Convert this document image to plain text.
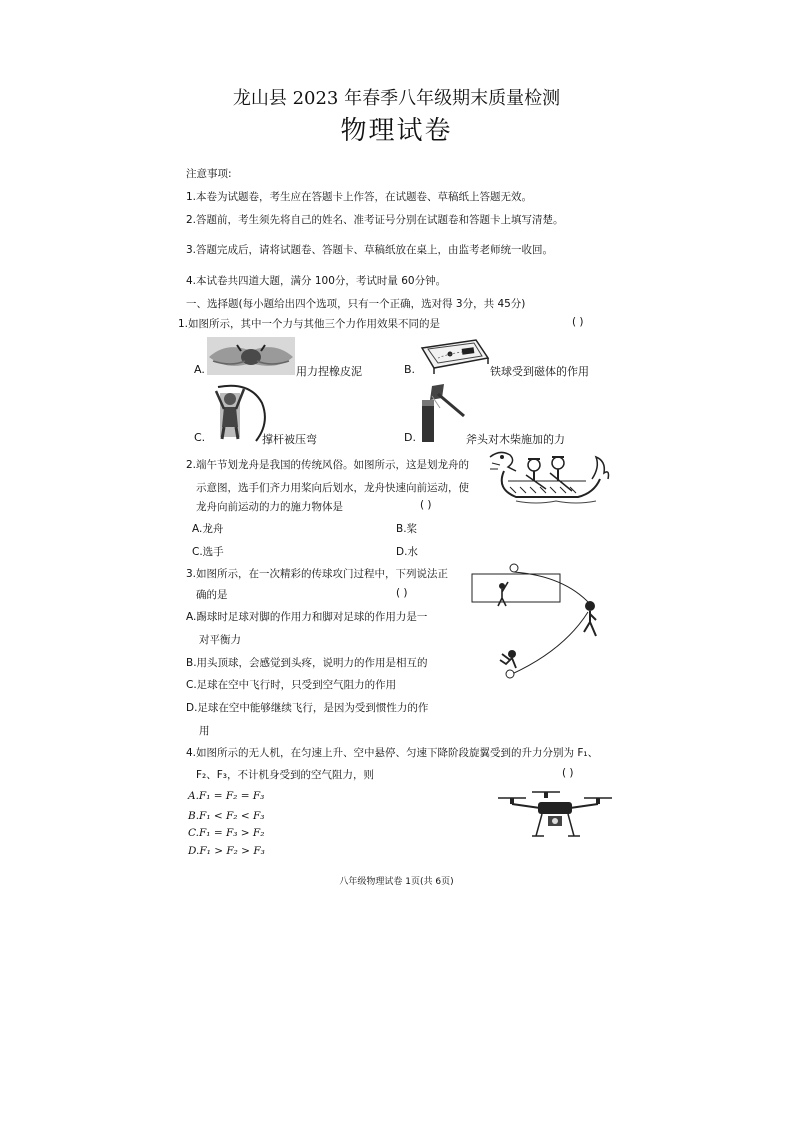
龙山县 2023 年春季八年级期末质量检测
物理试卷
注意事项:
1.本卷为试题卷，考生应在答题卡上作答，在试题卷、草稿纸上答题无效。
2.答题前，考生须先将自己的姓名、准考证号分别在试题卷和答题卡上填写清楚。
3.答题完成后，请将试题卷、答题卡、草稿纸放在桌上，由监考老师统一收回。
4.本试卷共四道大题，满分 100分，考试时量 60分钟。
一、选择题(每小题给出四个选项，只有一个正确，选对得 3分，共 45分)
1.如图所示，其中一个力与其他三个力作用效果不同的是	( )
A.	用力捏橡皮泥	B.	铁球受到磁体的作用
C.	撑杆被压弯	D.	斧头对木柴施加的力
2.端午节划龙舟是我国的传统风俗。如图所示，这是划龙舟的
示意图，选手们齐力用桨向后划水，龙舟快速向前运动，使
龙舟向前运动的力的施力物体是	( )
A.龙舟	B.桨
C.选手	D.水
3.如图所示，在一次精彩的传球攻门过程中，下列说法正
确的是	( )
A.踢球时足球对脚的作用力和脚对足球的作用力是一
对平衡力
B.用头顶球，会感觉到头疼，说明力的作用是相互的
C.足球在空中飞行时，只受到空气阻力的作用
D.足球在空中能够继续飞行，是因为受到惯性力的作
用
4.如图所示的无人机，在匀速上升、空中悬停、匀速下降阶段旋翼受到的升力分别为 F₁、
F₂、F₃，不计机身受到的空气阻力，则	( )
A.F₁ = F₂ = F₃
B.F₁ < F₂ < F₃
C.F₁ = F₃ > F₂
D.F₁ > F₂ > F₃
八年级物理试卷 1页(共 6页)
